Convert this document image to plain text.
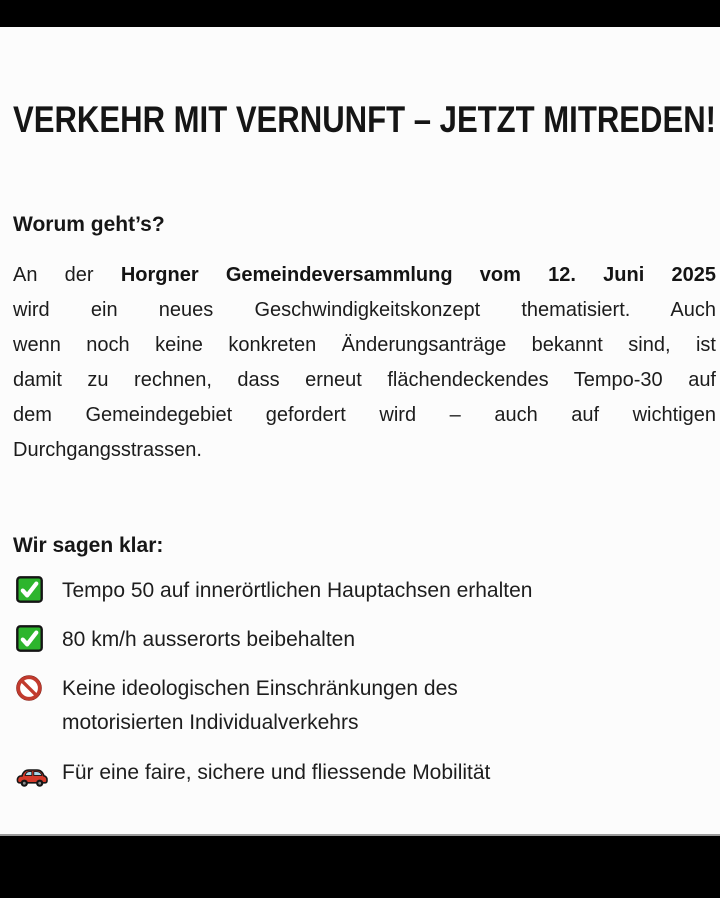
VERKEHR MIT VERNUNFT – JETZT MITREDEN!
Worum geht’s?
An der Horgner Gemeindeversammlung vom 12. Juni 2025
wird ein neues Geschwindigkeitskonzept thematisiert. Auch
wenn noch keine konkreten Änderungsanträge bekannt sind, ist
damit zu rechnen, dass erneut flächendeckendes Tempo-30 auf
dem Gemeindegebiet gefordert wird – auch auf wichtigen
Durchgangsstrassen.
Wir sagen klar:
Tempo 50 auf innerörtlichen Hauptachsen erhalten
80 km/h ausserorts beibehalten
Keine ideologischen Einschränkungen des motorisierten Individualverkehrs
Für eine faire, sichere und fliessende Mobilität
